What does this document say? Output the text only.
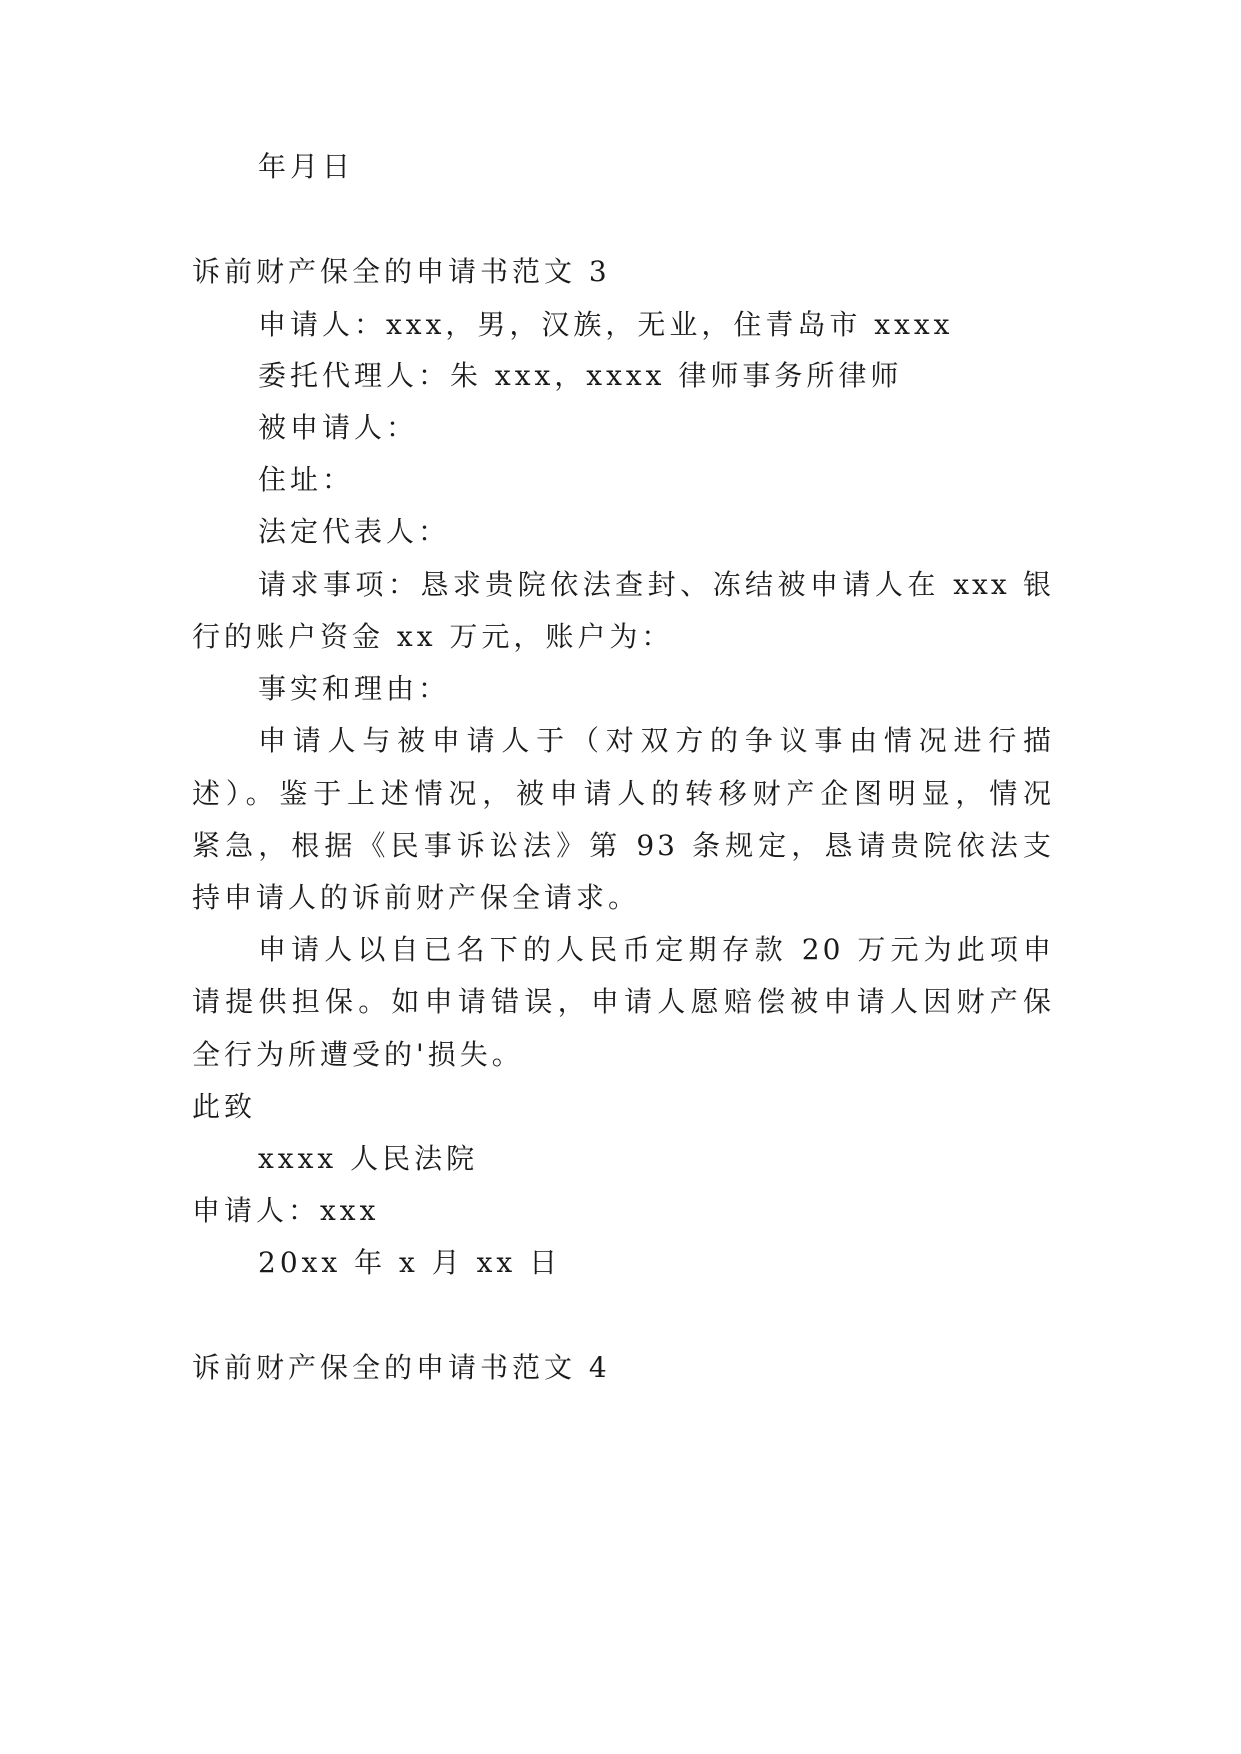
年月日
诉前财产保全的申请书范文 3
申请人：xxx，男，汉族，无业，住青岛市 xxxx
委托代理人：朱 xxx，xxxx 律师事务所律师
被申请人：
住址：
法定代表人：
请求事项：恳求贵院依法查封、冻结被申请人在 xxx 银
行的账户资金 xx 万元，账户为：
事实和理由：
申请人与被申请人于（对双方的争议事由情况进行描
述）。鉴于上述情况，被申请人的转移财产企图明显，情况
紧急，根据《民事诉讼法》第 93 条规定，恳请贵院依法支
持申请人的诉前财产保全请求。
申请人以自已名下的人民币定期存款 20 万元为此项申
请提供担保。如申请错误，申请人愿赔偿被申请人因财产保
全行为所遭受的'损失。
此致
xxxx 人民法院
申请人：xxx
20xx 年 x 月 xx 日
诉前财产保全的申请书范文 4
